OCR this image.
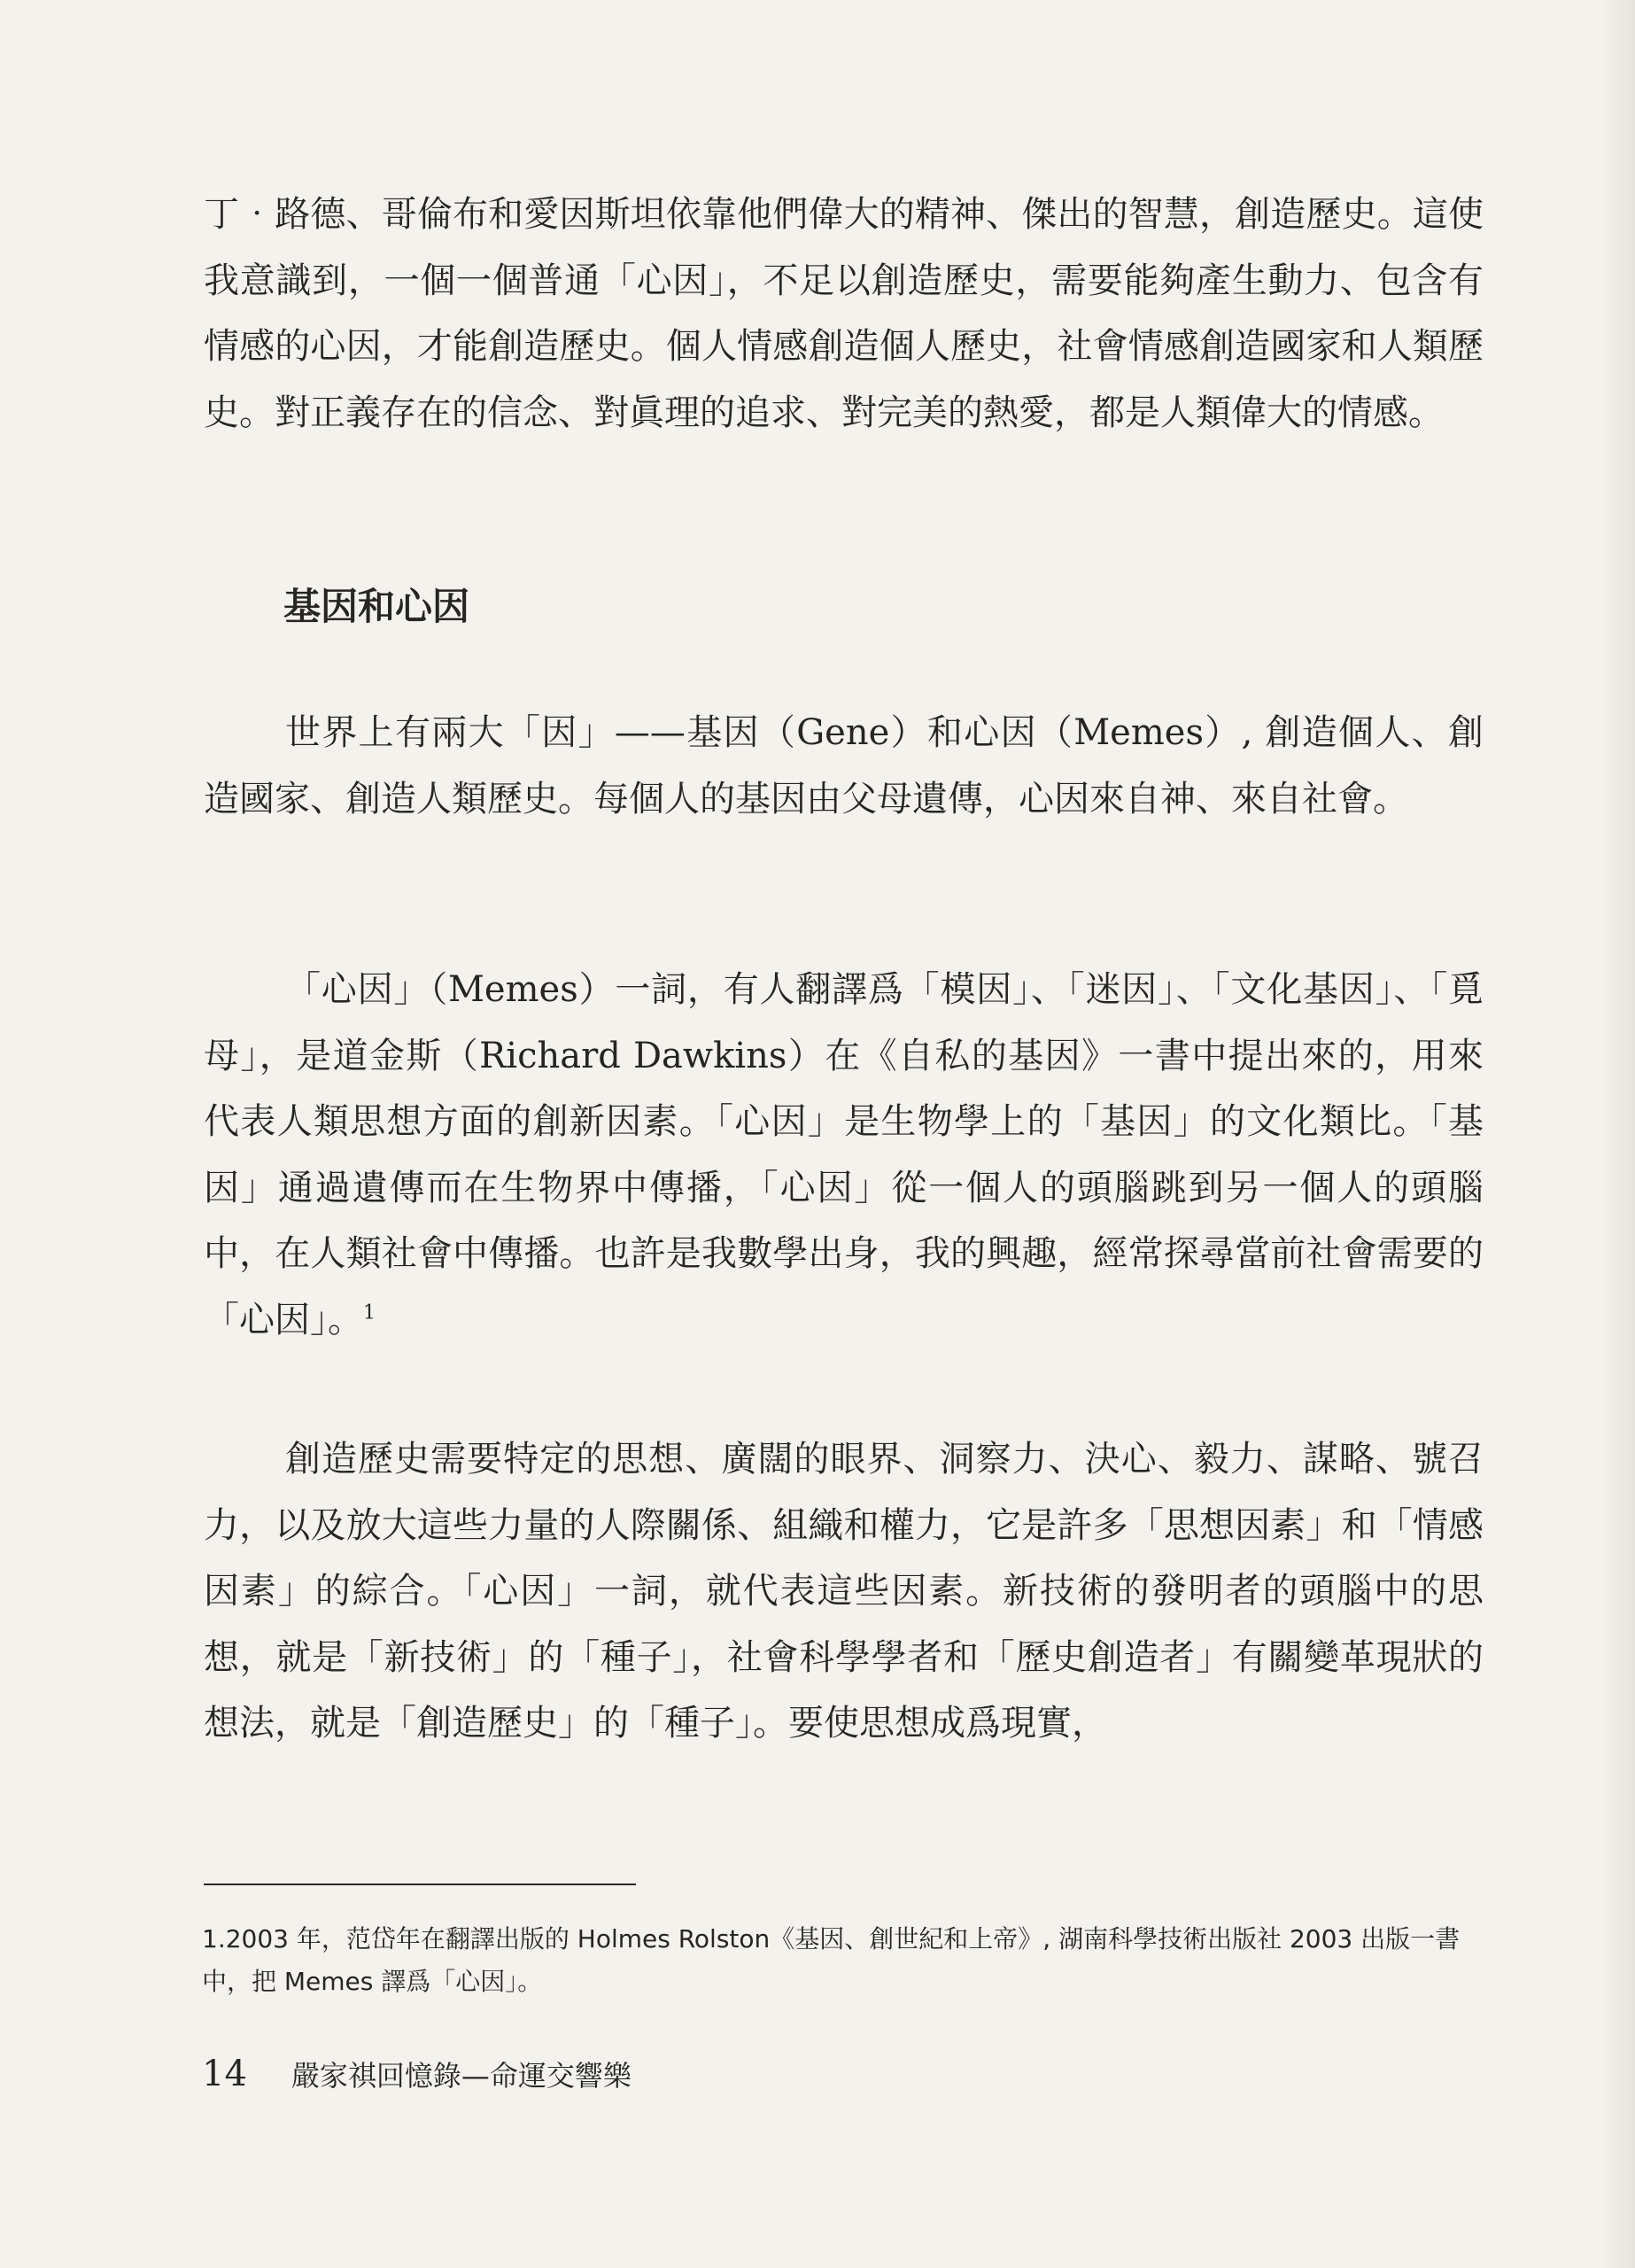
丁‧路德、哥倫布和愛因斯坦依靠他們偉大的精神、傑出的智慧，創造歷史。這使我意識到，一個一個普通「心因」，不足以創造歷史，需要能夠產生動力、包含有情感的心因，才能創造歷史。個人情感創造個人歷史，社會情感創造國家和人類歷史。對正義存在的信念、對眞理的追求、對完美的熱愛，都是人類偉大的情感。

基因和心因

世界上有兩大「因」——基因（Gene）和心因（Memes）, 創造個人、創造國家、創造人類歷史。每個人的基因由父母遺傳，心因來自神、來自社會。

「心因」（Memes）一詞，有人翻譯爲「模因」、「迷因」、「文化基因」、「覓母」，是道金斯（Richard Dawkins）在《自私的基因》一書中提出來的，用來代表人類思想方面的創新因素。「心因」是生物學上的「基因」的文化類比。「基因」通過遺傳而在生物界中傳播，「心因」從一個人的頭腦跳到另一個人的頭腦中，在人類社會中傳播。也許是我數學出身，我的興趣，經常探尋當前社會需要的「心因」。$^1$

創造歷史需要特定的思想、廣闊的眼界、洞察力、決心、毅力、謀略、號召力，以及放大這些力量的人際關係、組織和權力，它是許多「思想因素」和「情感因素」的綜合。「心因」一詞，就代表這些因素。新技術的發明者的頭腦中的思想，就是「新技術」的「種子」，社會科學學者和「歷史創造者」有關變革現狀的想法，就是「創造歷史」的「種子」。要使思想成爲現實，

1.2003 年，范岱年在翻譯出版的 Holmes Rolston《基因、創世紀和上帝》, 湖南科學技術出版社 2003 出版一書中，把 Memes 譯爲「心因」。

14 嚴家祺回憶錄—命運交響樂
